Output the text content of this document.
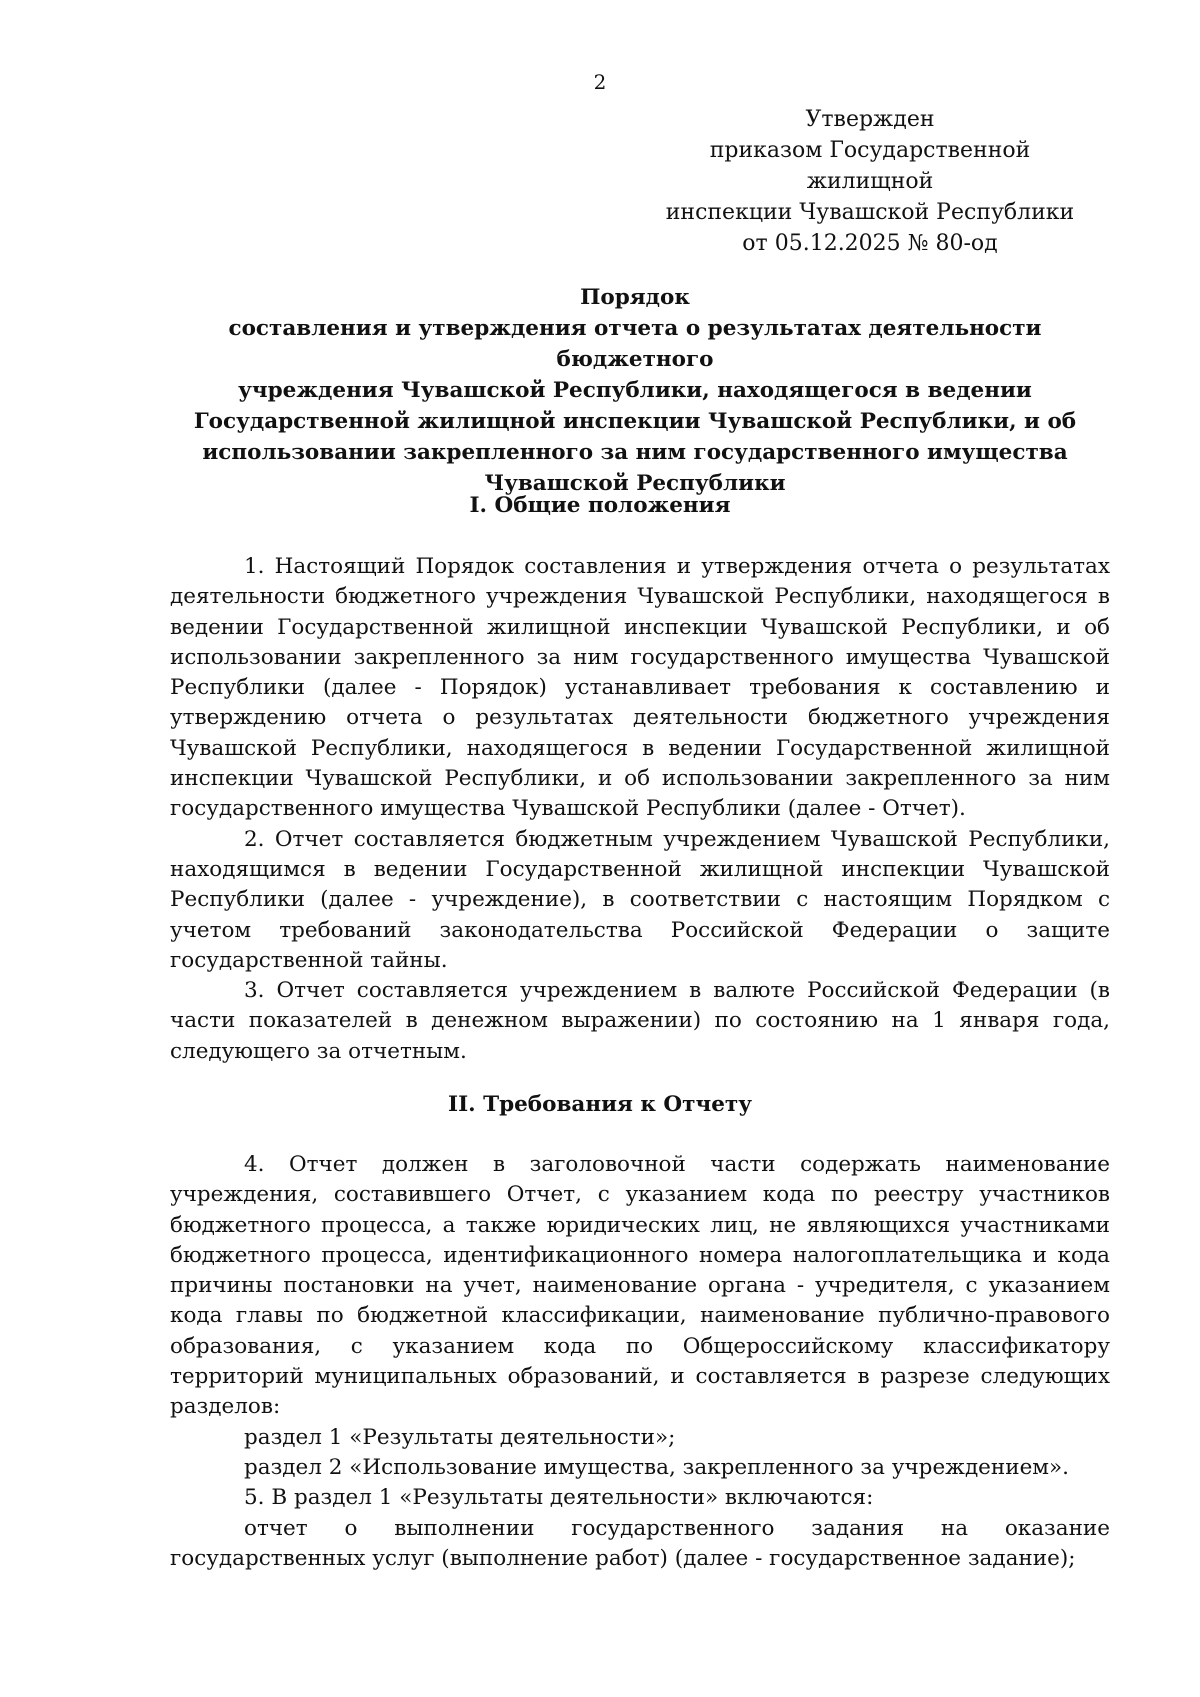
2
Утвержден
приказом Государственной жилищной
инспекции Чувашской Республики
от 05.12.2025 № 80-од
Порядок
составления и утверждения отчета о результатах деятельности бюджетного
учреждения Чувашской Республики, находящегося в ведении
Государственной жилищной инспекции Чувашской Республики, и об
использовании закрепленного за ним государственного имущества
Чувашской Республики
I. Общие положения

1. Настоящий Порядок составления и утверждения отчета о результатах деятельности бюджетного учреждения Чувашской Республики, находящегося в ведении Государственной жилищной инспекции Чувашской Республики, и об использовании закрепленного за ним государственного имущества Чувашской Республики (далее - Порядок) устанавливает требования к составлению и утверждению отчета о результатах деятельности бюджетного учреждения Чувашской Республики, находящегося в ведении Государственной жилищной инспекции Чувашской Республики, и об использовании закрепленного за ним государственного имущества Чувашской Республики (далее - Отчет).

2. Отчет составляется бюджетным учреждением Чувашской Республики, находящимся в ведении Государственной жилищной инспекции Чувашской Республики (далее - учреждение), в соответствии с настоящим Порядком с учетом требований законодательства Российской Федерации о защите государственной тайны.

3. Отчет составляется учреждением в валюте Российской Федерации (в части показателей в денежном выражении) по состоянию на 1 января года, следующего за отчетным.

II. Требования к Отчету

4. Отчет должен в заголовочной части содержать наименование учреждения, составившего Отчет, с указанием кода по реестру участников бюджетного процесса, а также юридических лиц, не являющихся участниками бюджетного процесса, идентификационного номера налогоплательщика и кода причины постановки на учет, наименование органа - учредителя, с указанием кода главы по бюджетной классификации, наименование публично-правового образования, с указанием кода по Общероссийскому классификатору территорий муниципальных образований, и составляется в разрезе следующих разделов:

раздел 1 «Результаты деятельности»;

раздел 2 «Использование имущества, закрепленного за учреждением».

5. В раздел 1 «Результаты деятельности» включаются:

отчет о выполнении государственного задания на оказание государственных услуг (выполнение работ) (далее - государственное задание);
